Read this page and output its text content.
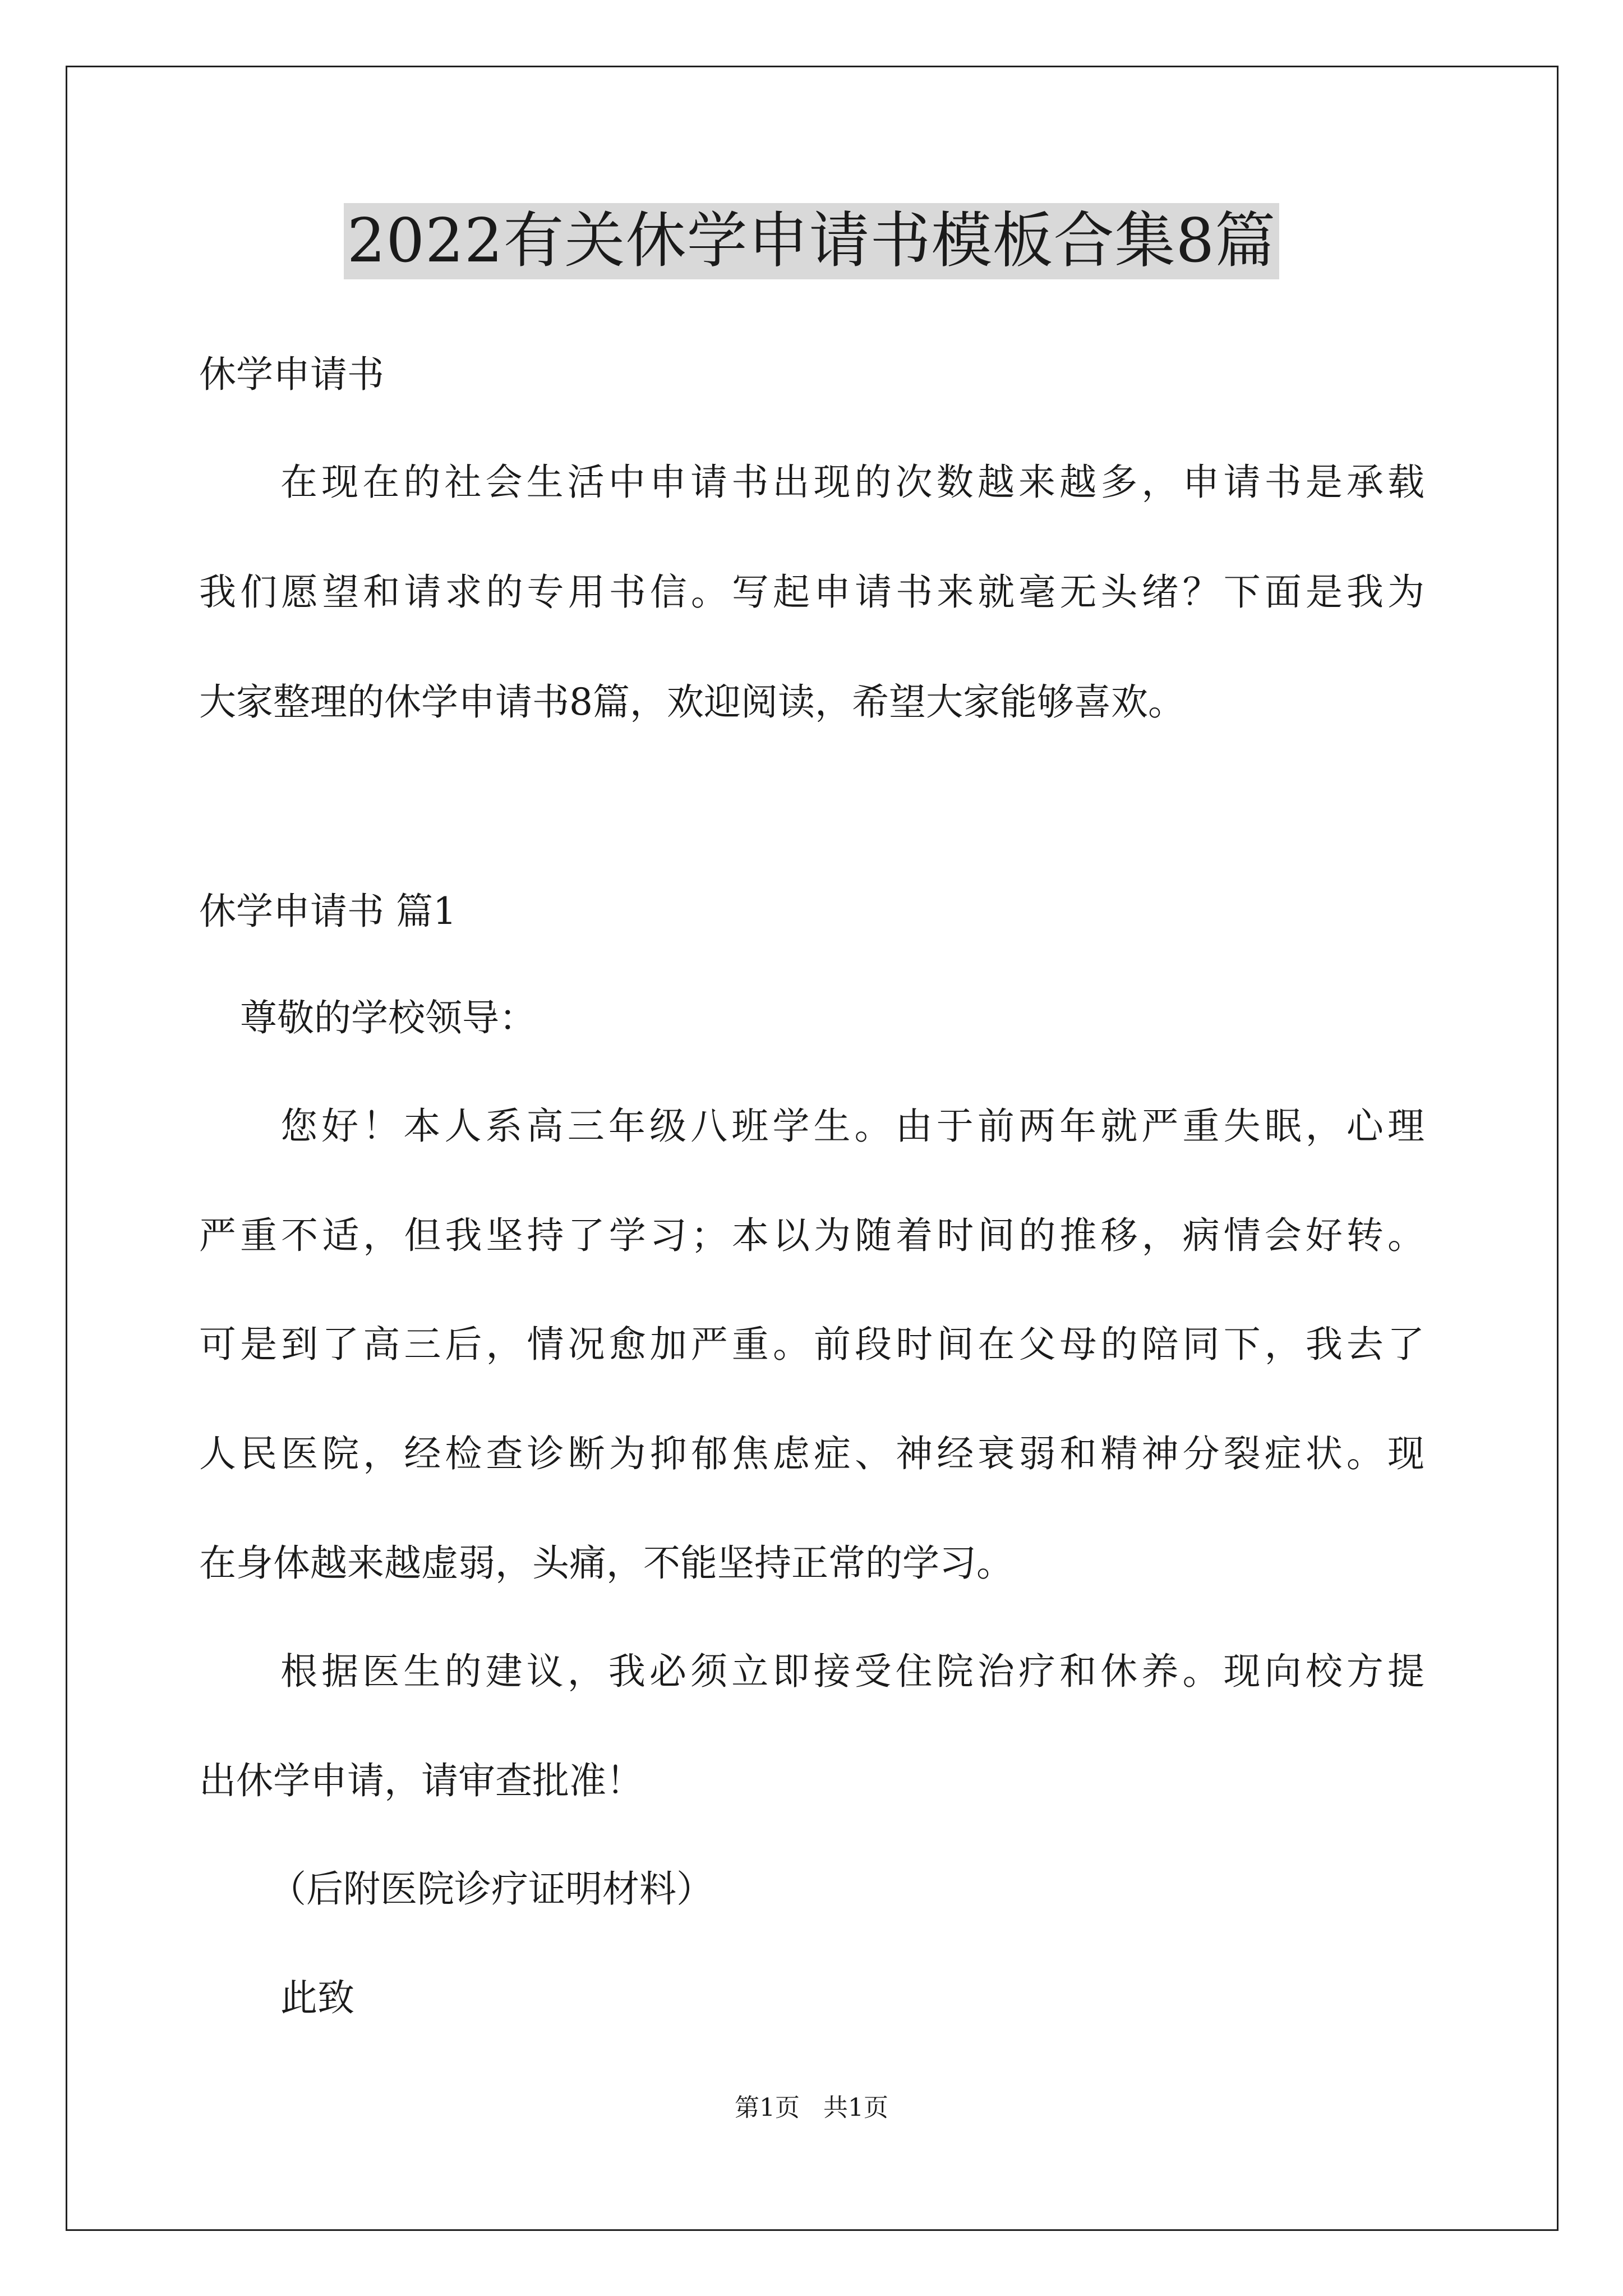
2022有关休学申请书模板合集8篇
休学申请书
在现在的社会生活中申请书出现的次数越来越多，申请书是承载
我们愿望和请求的专用书信。写起申请书来就毫无头绪？下面是我为
大家整理的休学申请书8篇，欢迎阅读，希望大家能够喜欢。
休学申请书 篇1
尊敬的学校领导：
您好！本人系高三年级八班学生。由于前两年就严重失眠，心理
严重不适，但我坚持了学习；本以为随着时间的推移，病情会好转。
可是到了高三后，情况愈加严重。前段时间在父母的陪同下，我去了
人民医院，经检查诊断为抑郁焦虑症、神经衰弱和精神分裂症状。现
在身体越来越虚弱，头痛，不能坚持正常的学习。
根据医生的建议，我必须立即接受住院治疗和休养。现向校方提
出休学申请，请审查批准！
（后附医院诊疗证明材料）
此致
第1页   共1页
